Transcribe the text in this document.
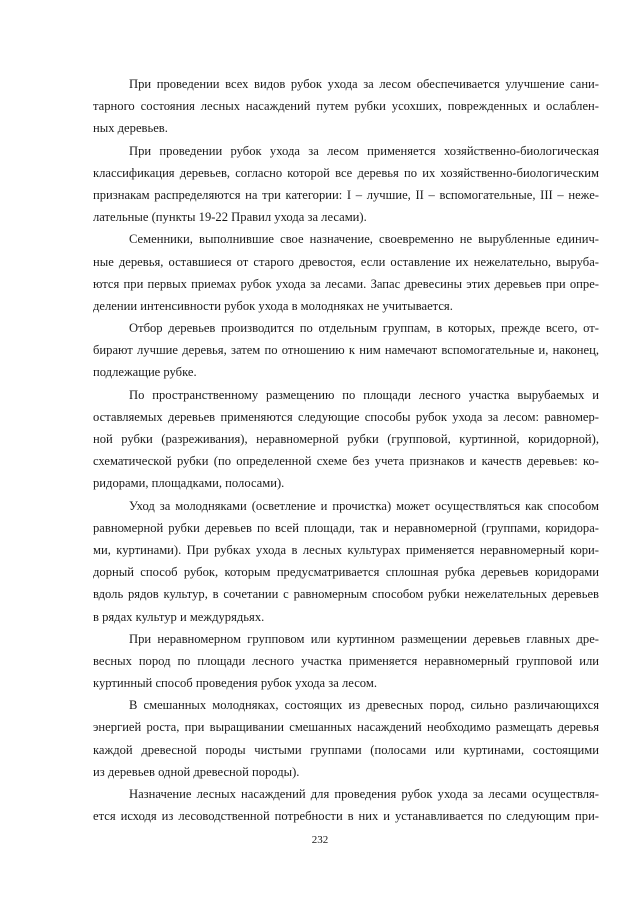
При проведении всех видов рубок ухода за лесом обеспечивается улучшение сани-
тарного состояния лесных насаждений путем рубки усохших, поврежденных и ослаблен-
ных деревьев.
При проведении рубок ухода за лесом применяется хозяйственно-биологическая
классификация деревьев, согласно которой все деревья по их хозяйственно-биологическим
признакам распределяются на три категории: I – лучшие, II – вспомогательные, III – неже-
лательные (пункты 19-22 Правил ухода за лесами).
Семенники, выполнившие свое назначение, своевременно не вырубленные единич-
ные деревья, оставшиеся от старого древостоя, если оставление их нежелательно, выруба-
ются при первых приемах рубок ухода за лесами. Запас древесины этих деревьев при опре-
делении интенсивности рубок ухода в молодняках не учитывается.
Отбор деревьев производится по отдельным группам, в которых, прежде всего, от-
бирают лучшие деревья, затем по отношению к ним намечают вспомогательные и, наконец,
подлежащие рубке.
По пространственному размещению по площади лесного участка вырубаемых и
оставляемых деревьев применяются следующие способы рубок ухода за лесом: равномер-
ной рубки (разреживания), неравномерной рубки (групповой, куртинной, коридорной),
схематической рубки (по определенной схеме без учета признаков и качеств деревьев: ко-
ридорами, площадками, полосами).
Уход за молодняками (осветление и прочистка) может осуществляться как способом
равномерной рубки деревьев по всей площади, так и неравномерной (группами, коридора-
ми, куртинами). При рубках ухода в лесных культурах применяется неравномерный кори-
дорный способ рубок, которым предусматривается сплошная рубка деревьев коридорами
вдоль рядов культур, в сочетании с равномерным способом рубки нежелательных деревьев
в рядах культур и междурядьях.
При неравномерном групповом или куртинном размещении деревьев главных дре-
весных пород по площади лесного участка применяется неравномерный групповой или
куртинный способ проведения рубок ухода за лесом.
В смешанных молодняках, состоящих из древесных пород, сильно различающихся
энергией роста, при выращивании смешанных насаждений необходимо размещать деревья
каждой древесной породы чистыми группами (полосами или куртинами, состоящими
из деревьев одной древесной породы).
Назначение лесных насаждений для проведения рубок ухода за лесами осуществля-
ется исходя из лесоводственной потребности в них и устанавливается по следующим при-
232
